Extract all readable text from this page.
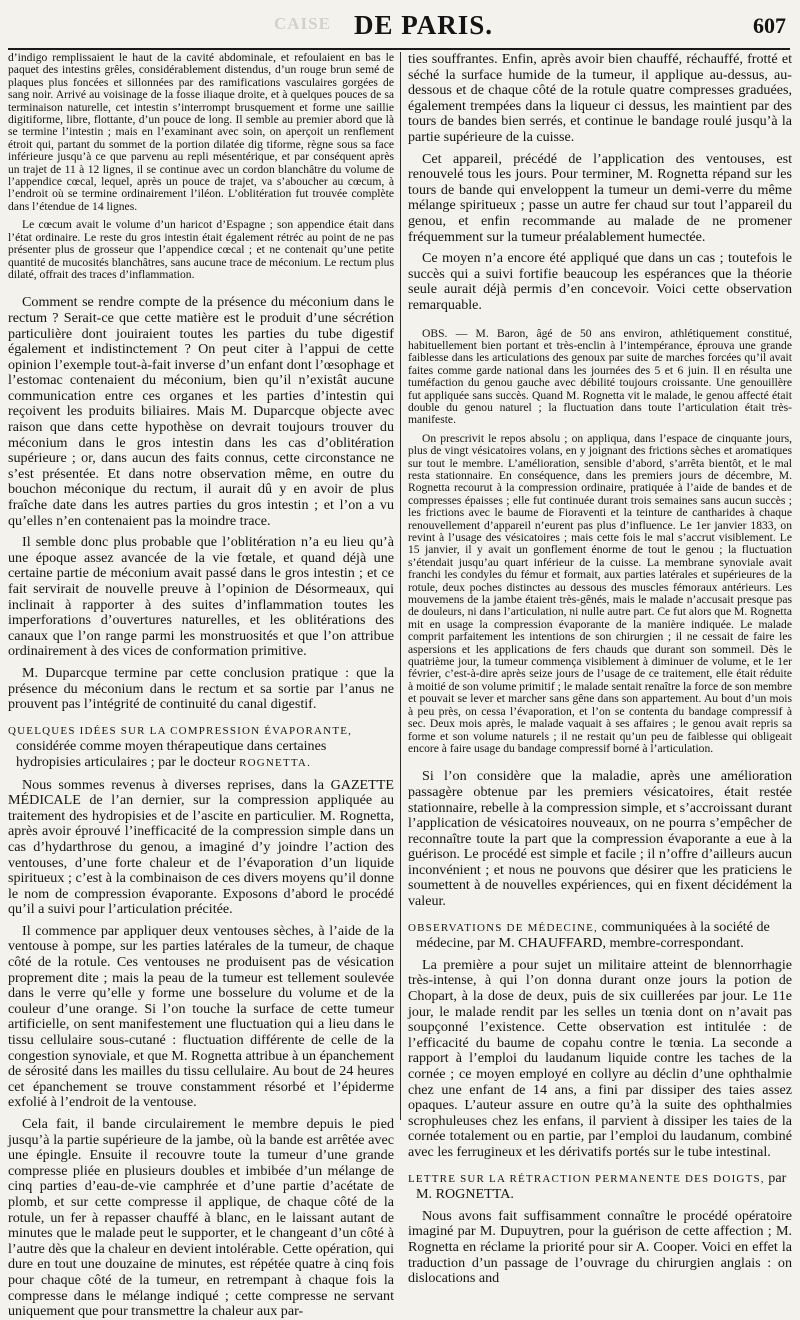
CAISE DE PARIS.	607

d’indigo remplissaient le haut de la cavité abdominale, et refoulaient en bas le paquet des intestins grêles, considérablement distendus, d’un rouge brun semé de plaques plus foncées et sillonnées par des ramifications vasculaires gorgées de sang noir. Arrivé au voisinage de la fosse iliaque droite, et à quelques pouces de sa terminaison naturelle, cet intestin s’interrompt brusquement et forme une saillie digitiforme, libre, flottante, d’un pouce de long. Il semble au premier abord que là se termine l’intestin ; mais en l’examinant avec soin, on aperçoit un renflement étroit qui, partant du sommet de la portion dilatée dig tiforme, règne sous sa face inférieure jusqu’à ce que parvenu au repli mésentérique, et par conséquent après un trajet de 11 à 12 lignes, il se continue avec un cordon blanchâtre du volume de l’appendice cœcal, lequel, après un pouce de trajet, va s’aboucher au cœcum, à l’endroit où se termine ordinairement l’iléon. L’oblitération fut trouvée complète dans l’étendue de 14 lignes.

Le cœcum avait le volume d’un haricot d’Espagne ; son appendice était dans l’état ordinaire. Le reste du gros intestin était également rétréc au point de ne pas présenter plus de grosseur que l’appendice cœcal ; et ne contenait qu’une petite quantité de mucosités blanchâtres, sans aucune trace de méconium. Le rectum plus dilaté, offrait des traces d’inflammation.

Comment se rendre compte de la présence du méconium dans le rectum ? Serait-ce que cette matière est le produit d’une sécrétion particulière dont jouiraient toutes les parties du tube digestif également et indistinctement ? On peut citer à l’appui de cette opinion l’exemple tout-à-fait inverse d’un enfant dont l’œsophage et l’estomac contenaient du méconium, bien qu’il n’existât aucune communication entre ces organes et les parties d’intestin qui reçoivent les produits biliaires. Mais M. Duparcque objecte avec raison que dans cette hypothèse on devrait toujours trouver du méconium dans le gros intestin dans les cas d’oblitération supérieure ; or, dans aucun des faits connus, cette circonstance ne s’est présentée. Et dans notre observation même, en outre du bouchon méconique du rectum, il aurait dû y en avoir de plus fraîche date dans les autres parties du gros intestin ; et l’on a vu qu’elles n’en contenaient pas la moindre trace.

Il semble donc plus probable que l’oblitération n’a eu lieu qu’à une époque assez avancée de la vie fœtale, et quand déjà une certaine partie de méconium avait passé dans le gros intestin ; et ce fait servirait de nouvelle preuve à l’opinion de Désormeaux, qui inclinait à rapporter à des suites d’inflammation toutes les imperforations d’ouvertures naturelles, et les oblitérations des canaux que l’on range parmi les monstruosités et que l’on attribue ordinairement à des vices de conformation primitive.

M. Duparcque termine par cette conclusion pratique : que la présence du méconium dans le rectum et sa sortie par l’anus ne prouvent pas l’intégrité de continuité du canal digestif.

QUELQUES IDÉES SUR LA COMPRESSION ÉVAPORANTE, considérée comme moyen thérapeutique dans certaines hydropisies articulaires ; par le docteur ROGNETTA.

Nous sommes revenus à diverses reprises, dans la GAZETTE MÉDICALE de l’an dernier, sur la compression appliquée au traitement des hydropisies et de l’ascite en particulier. M. Rognetta, après avoir éprouvé l’inefficacité de la compression simple dans un cas d’hydarthrose du genou, a imaginé d’y joindre l’action des ventouses, d’une forte chaleur et de l’évaporation d’un liquide spiritueux ; c’est à la combinaison de ces divers moyens qu’il donne le nom de compression évaporante. Exposons d’abord le procédé qu’il a suivi pour l’articulation précitée.

Il commence par appliquer deux ventouses sèches, à l’aide de la ventouse à pompe, sur les parties latérales de la tumeur, de chaque côté de la rotule. Ces ventouses ne produisent pas de vésication proprement dite ; mais la peau de la tumeur est tellement soulevée dans le verre qu’elle y forme une bosselure du volume et de la couleur d’une orange. Si l’on touche la surface de cette tumeur artificielle, on sent manifestement une fluctuation qui a lieu dans le tissu cellulaire sous-cutané : fluctuation différente de celle de la congestion synoviale, et que M. Rognetta attribue à un épanchement de sérosité dans les mailles du tissu cellulaire. Au bout de 24 heures cet épanchement se trouve constamment résorbé et l’épiderme exfolié à l’endroit de la ventouse.

Cela fait, il bande circulairement le membre depuis le pied jusqu’à la partie supérieure de la jambe, où la bande est arrêtée avec une épingle. Ensuite il recouvre toute la tumeur d’une grande compresse pliée en plusieurs doubles et imbibée d’un mélange de cinq parties d’eau-de-vie camphrée et d’une partie d’acétate de plomb, et sur cette compresse il applique, de chaque côté de la rotule, un fer à repasser chauffé à blanc, en le laissant autant de minutes que le malade peut le supporter, et le changeant d’un côté à l’autre dès que la chaleur en devient intolérable. Cette opération, qui dure en tout une douzaine de minutes, est répétée quatre à cinq fois pour chaque côté de la tumeur, en retrempant à chaque fois la compresse dans le mélange indiqué ; cette compresse ne servant uniquement que pour transmettre la chaleur aux par-

ties souffrantes. Enfin, après avoir bien chauffé, réchauffé, frotté et séché la surface humide de la tumeur, il applique au-dessus, au-dessous et de chaque côté de la rotule quatre compresses graduées, également trempées dans la liqueur ci dessus, les maintient par des tours de bandes bien serrés, et continue le bandage roulé jusqu’à la partie supérieure de la cuisse.

Cet appareil, précédé de l’application des ventouses, est renouvelé tous les jours. Pour terminer, M. Rognetta répand sur les tours de bande qui enveloppent la tumeur un demi-verre du même mélange spiritueux ; passe un autre fer chaud sur tout l’appareil du genou, et enfin recommande au malade de ne promener fréquemment sur la tumeur préalablement humectée.

Ce moyen n’a encore été appliqué que dans un cas ; toutefois le succès qui a suivi fortifie beaucoup les espérances que la théorie seule aurait déjà permis d’en concevoir. Voici cette observation remarquable.

OBS. — M. Baron, âgé de 50 ans environ, athlétiquement constitué, habituellement bien portant et très-enclin à l’intempérance, éprouva une grande faiblesse dans les articulations des genoux par suite de marches forcées qu’il avait faites comme garde national dans les journées des 5 et 6 juin. Il en résulta une tuméfaction du genou gauche avec débilité toujours croissante. Une genouillère fut appliquée sans succès. Quand M. Rognetta vit le malade, le genou affecté était double du genou naturel ; la fluctuation dans toute l’articulation était très-manifeste.

On prescrivit le repos absolu ; on appliqua, dans l’espace de cinquante jours, plus de vingt vésicatoires volans, en y joignant des frictions sèches et aromatiques sur tout le membre. L’amélioration, sensible d’abord, s’arrêta bientôt, et le mal resta stationnaire. En conséquence, dans les premiers jours de décembre, M. Rognetta recourut à la compression ordinaire, pratiquée à l’aide de bandes et de compresses épaisses ; elle fut continuée durant trois semaines sans aucun succès ; les frictions avec le baume de Fioraventi et la teinture de cantharides à chaque renouvellement d’appareil n’eurent pas plus d’influence. Le 1er janvier 1833, on revint à l’usage des vésicatoires ; mais cette fois le mal s’accrut visiblement. Le 15 janvier, il y avait un gonflement énorme de tout le genou ; la fluctuation s’étendait jusqu’au quart inférieur de la cuisse. La membrane synoviale avait franchi les condyles du fémur et formait, aux parties latérales et supérieures de la rotule, deux poches distinctes au dessous des muscles fémoraux antérieurs. Les mouvemens de la jambe étaient très-gênés, mais le malade n’accusait presque pas de douleurs, ni dans l’articulation, ni nulle autre part. Ce fut alors que M. Rognetta mit en usage la compression évaporante de la manière indiquée. Le malade comprit parfaitement les intentions de son chirurgien ; il ne cessait de faire les aspersions et les applications de fers chauds que durant son sommeil. Dès le quatrième jour, la tumeur commença visiblement à diminuer de volume, et le 1er février, c’est-à-dire après seize jours de l’usage de ce traitement, elle était réduite à moitié de son volume primitif ; le malade sentait renaître la force de son membre et pouvait se lever et marcher sans gêne dans son appartement. Au bout d’un mois à peu près, on cessa l’évaporation, et l’on se contenta du bandage compressif à sec. Deux mois après, le malade vaquait à ses affaires ; le genou avait repris sa forme et son volume naturels ; il ne restait qu’un peu de faiblesse qui obligeait encore à faire usage du bandage compressif borné à l’articulation.

Si l’on considère que la maladie, après une amélioration passagère obtenue par les premiers vésicatoires, était restée stationnaire, rebelle à la compression simple, et s’accroissant durant l’application de vésicatoires nouveaux, on ne pourra s’empêcher de reconnaître toute la part que la compression évaporante a eue à la guérison. Le procédé est simple et facile ; il n’offre d’ailleurs aucun inconvénient ; et nous ne pouvons que désirer que les praticiens le soumettent à de nouvelles expériences, qui en fixent décidément la valeur.

OBSERVATIONS DE MÉDECINE, communiquées à la société de médecine, par M. CHAUFFARD, membre-correspondant.

La première a pour sujet un militaire atteint de blennorrhagie très-intense, à qui l’on donna durant onze jours la potion de Chopart, à la dose de deux, puis de six cuillerées par jour. Le 11e jour, le malade rendit par les selles un tœnia dont on n’avait pas soupçonné l’existence. Cette observation est intitulée : de l’efficacité du baume de copahu contre le tœnia. La seconde a rapport à l’emploi du laudanum liquide contre les taches de la cornée ; ce moyen employé en collyre au déclin d’une ophthalmie chez une enfant de 14 ans, a fini par dissiper des taies assez opaques. L’auteur assure en outre qu’à la suite des ophthalmies scrophuleuses chez les enfans, il parvient à dissiper les taies de la cornée totalement ou en partie, par l’emploi du laudanum, combiné avec les ferrugineux et les dérivatifs portés sur le tube intestinal.

LETTRE SUR LA RÉTRACTION PERMANENTE DES DOIGTS, par M. ROGNETTA.

Nous avons fait suffisamment connaître le procédé opératoire imaginé par M. Dupuytren, pour la guérison de cette affection ; M. Rognetta en réclame la priorité pour sir A. Cooper. Voici en effet la traduction d’un passage de l’ouvrage du chirurgien anglais : on dislocations and
